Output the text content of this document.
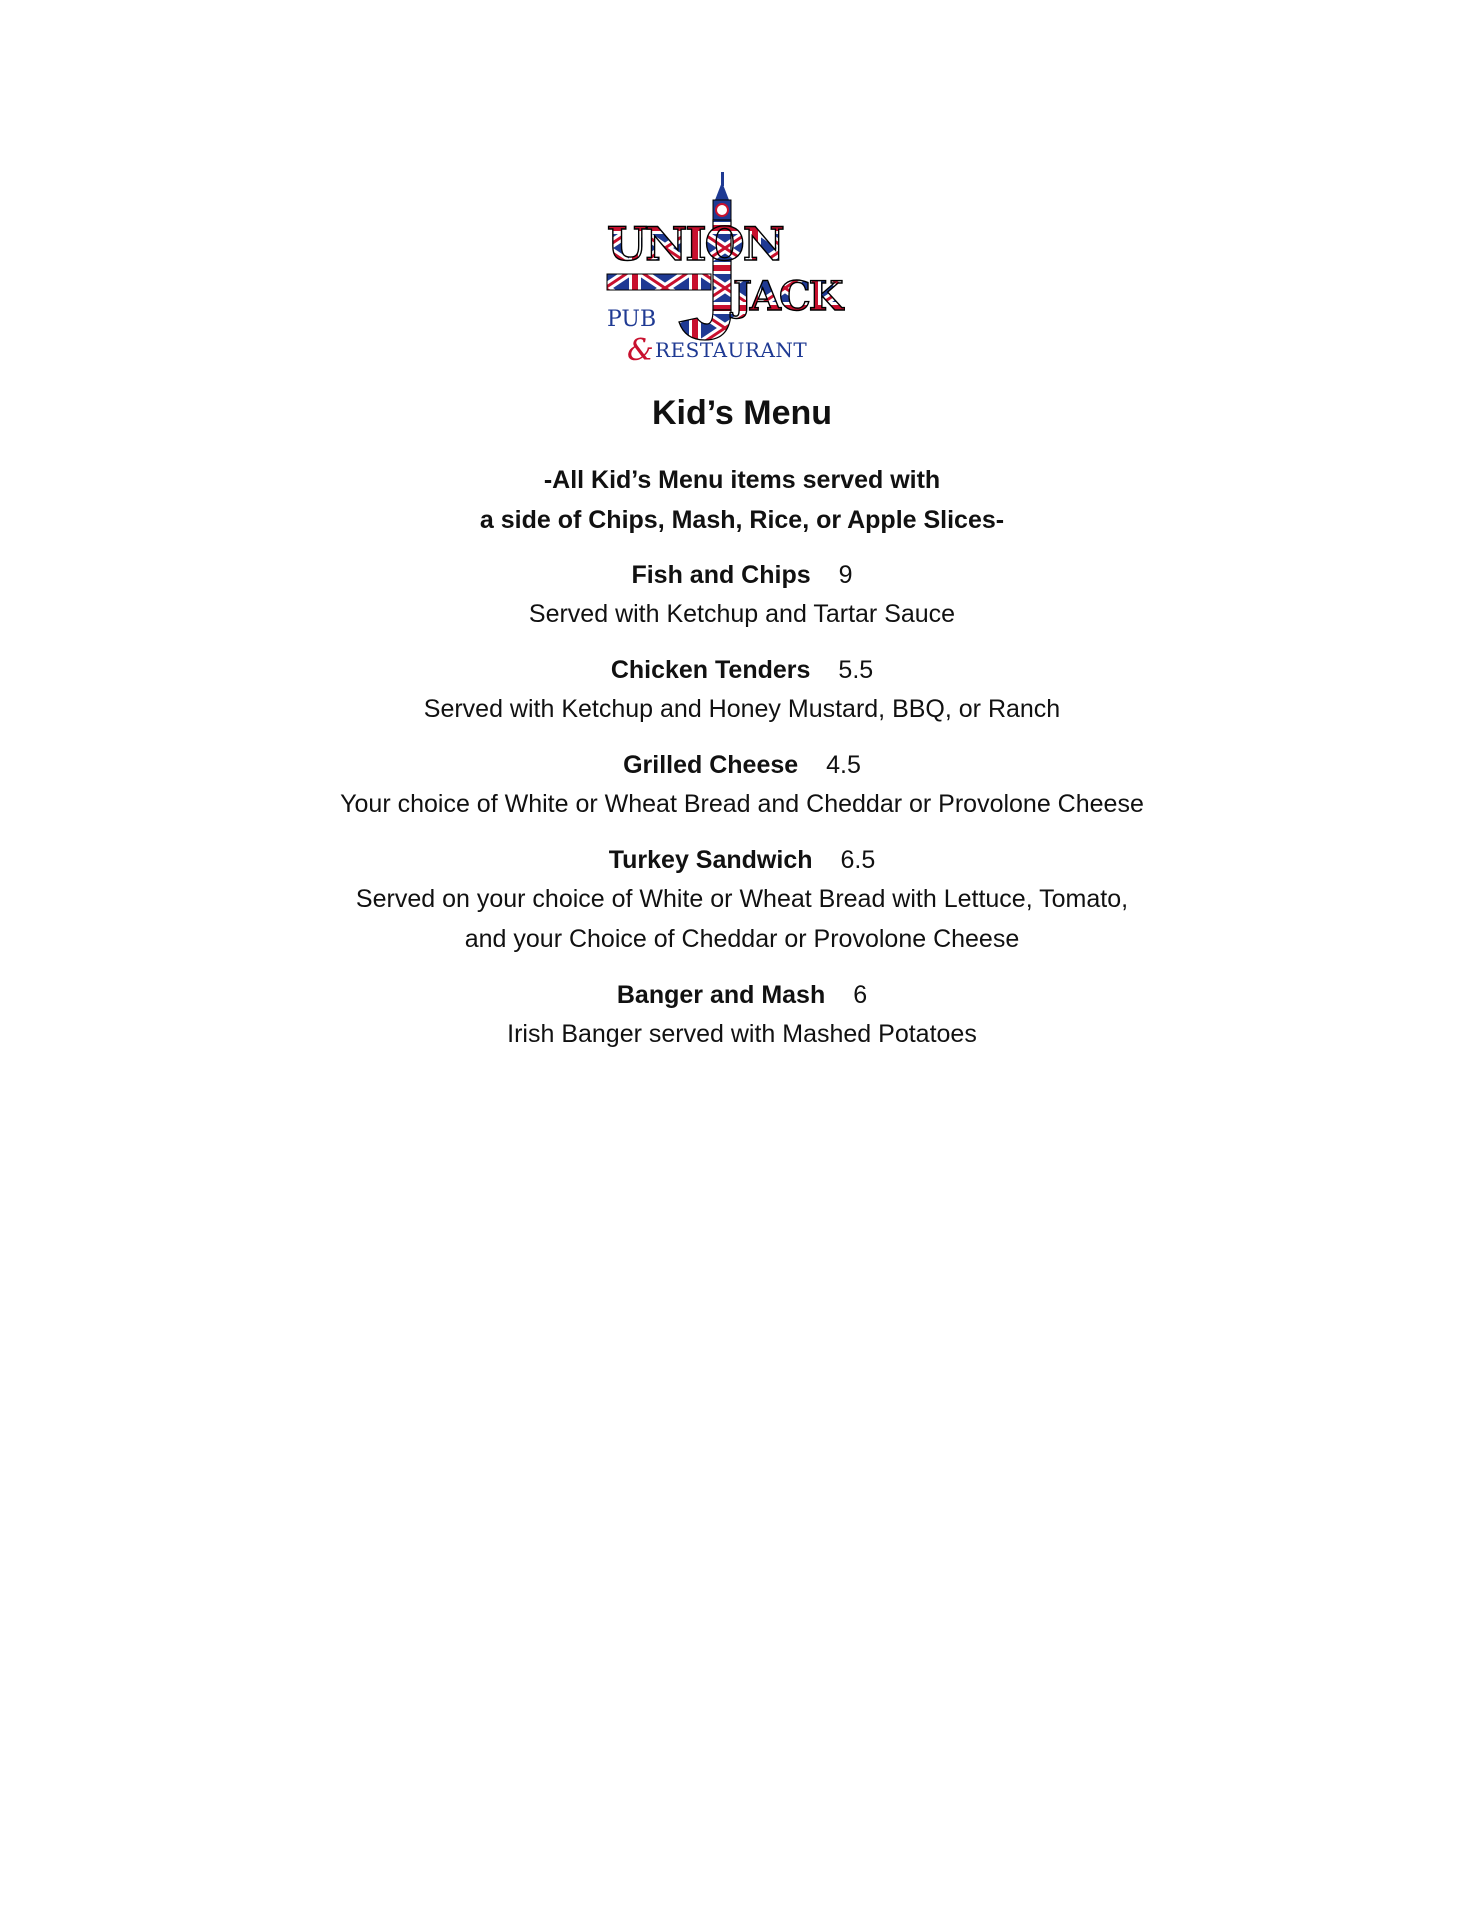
UNION
JACK
PUB
& RESTAURANT
Kid’s Menu
-All Kid’s Menu items served with
a side of Chips, Mash, Rice, or Apple Slices-
Fish and Chips 9
Served with Ketchup and Tartar Sauce
Chicken Tenders 5.5
Served with Ketchup and Honey Mustard, BBQ, or Ranch
Grilled Cheese 4.5
Your choice of White or Wheat Bread and Cheddar or Provolone Cheese
Turkey Sandwich 6.5
Served on your choice of White or Wheat Bread with Lettuce, Tomato,
and your Choice of Cheddar or Provolone Cheese
Banger and Mash 6
Irish Banger served with Mashed Potatoes
